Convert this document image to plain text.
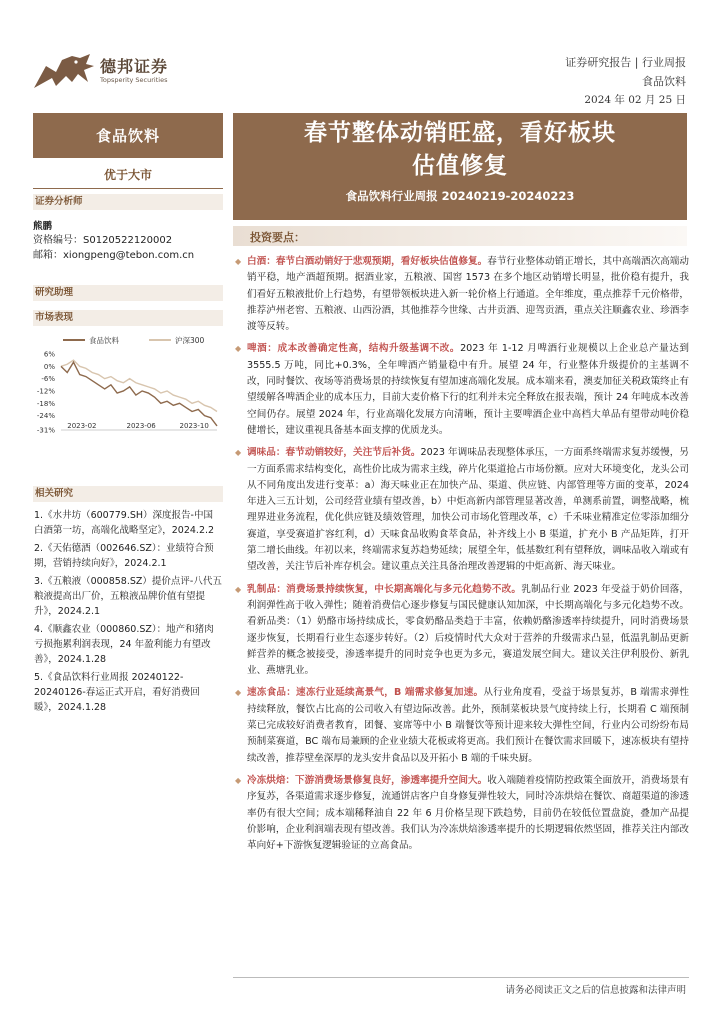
德邦证券
Topsperity Securities
证券研究报告 | 行业周报
食品饮料
2024 年 02 月 25 日
食品饮料
优于大市
证券分析师
熊鹏
资格编号：S0120522120002
邮箱：xiongpeng@tebon.com.cn
研究助理
市场表现
食品饮料	沪深300
6%
0%
-6%
-12%
-18%
-24%
-31%
2023-02	2023-06	2023-10
相关研究
1.《水井坊（600779.SH）深度报告-中国白酒第一坊，高端化战略坚定》，2024.2.2
2.《天佑德酒（002646.SZ）：业绩符合预期，营销持续向好》，2024.2.1
3.《五粮液（000858.SZ）提价点评-八代五粮液提高出厂价，五粮液品牌价值有望提升》，2024.2.1
4.《顺鑫农业（000860.SZ）：地产和猪肉亏损拖累利润表现，24 年盈利能力有望改善》，2024.1.28
5.《食品饮料行业周报 20240122-20240126-春运正式开启，看好消费回暖》，2024.1.28
春节整体动销旺盛，看好板块
估值修复
食品饮料行业周报 20240219-20240223
投资要点：
◆ 白酒：春节白酒动销好于悲观预期，看好板块估值修复。春节行业整体动销正增长，其中高端酒次高端动销平稳，地产酒超预期。据酒业家，五粮液、国窖 1573 在多个地区动销增长明显，批价稳有提升，我们看好五粮液批价上行趋势，有望带领板块进入新一轮价格上行通道。全年维度，重点推荐千元价格带，推荐泸州老窖、五粮液、山西汾酒，其他推荐今世缘、古井贡酒、迎驾贡酒，重点关注顺鑫农业、珍酒李渡等反转。
◆ 啤酒：成本改善确定性高，结构升级基调不改。2023 年 1-12 月啤酒行业规模以上企业总产量达到 3555.5 万吨，同比+0.3%，全年啤酒产销量稳中有升。展望 24 年，行业整体升级提价的主基调不改，同时餐饮、夜场等消费场景的持续恢复有望加速高端化发展。成本端来看，澳麦加征关税政策终止有望缓解各啤酒企业的成本压力，目前大麦价格下行的红利并未完全释放在报表端，预计 24 年吨成本改善空间仍存。展望 2024 年，行业高端化发展方向清晰，预计主要啤酒企业中高档大单品有望带动吨价稳健增长，建议重视具备基本面支撑的优质龙头。
◆ 调味品：春节动销较好，关注节后补货。2023 年调味品表现整体承压，一方面系终端需求复苏缓慢，另一方面系需求结构变化，高性价比成为需求主线，碎片化渠道抢占市场份额。应对大环境变化，龙头公司从不同角度出发进行变革：a）海天味业正在加快产品、渠道、供应链、内部管理等方面的变革，2024 年进入三五计划，公司经营业绩有望改善，b）中炬高新内部管理显著改善，单测系前置，调整战略，梳理界进业务流程，优化供应链及绩效管理，加快公司市场化管理改革，c）千禾味业精准定位零添加细分赛道，享受赛道扩容红利，d）天味食品收购食萃食品，补齐线上小 B 渠道，扩充小 B 产品矩阵，打开第二增长曲线。年初以来，终端需求复苏趋势延续；展望全年，低基数红利有望释放，调味品收入端或有望改善，关注节后补库存机会。建议重点关注具备治理改善逻辑的中炬高新、海天味业。
◆ 乳制品：消费场景持续恢复，中长期高端化与多元化趋势不改。乳制品行业 2023 年受益于奶价回落，利润弹性高于收入弹性；随着消费信心逐步修复与国民健康认知加深，中长期高端化与多元化趋势不改。看新品类：（1）奶酪市场持续成长，零食奶酪品类趋于丰富，依赖奶酪渗透率持续提升，同时消费场景逐步恢复，长期看行业生态逐步转好。（2）后疫情时代大众对于营养的升级需求凸显，低温乳制品更新鲜营养的概念被接受，渗透率提升的同时竞争也更为多元，赛道发展空间大。建议关注伊利股份、新乳业、燕塘乳业。
◆ 速冻食品：速冻行业延续高景气，B 端需求修复加速。从行业角度看，受益于场景复苏，B 端需求弹性持续释放，餐饮占比高的公司收入有望边际改善。此外，预制菜板块景气度持续上行，长期看 C 端预制菜已完成较好消费者教育，团餐、宴席等中小 B 端餐饮等预计迎来较大弹性空间，行业内公司纷纷布局预制菜赛道，BC 端布局兼顾的企业业绩大花板或将更高。我们预计在餐饮需求回暖下，速冻板块有望持续改善，推荐壁垒深厚的龙头安井食品以及开拓小 B 端的千味央厨。
◆ 冷冻烘焙：下游消费场景修复良好，渗透率提升空间大。收入端随着疫情防控政策全面放开，消费场景有序复苏，各渠道需求逐步修复，流通饼店客户自身修复弹性较大，同时冷冻烘焙在餐饮、商超渠道的渗透率仍有很大空间；成本端稀释油自 22 年 6 月价格呈现下跌趋势，目前仍在较低位置盘旋，叠加产品提价影响，企业利润端表现有望改善。我们认为冷冻烘焙渗透率提升的长期逻辑依然坚固，推荐关注内部改革向好+下游恢复逻辑验证的立高食品。
请务必阅读正文之后的信息披露和法律声明
